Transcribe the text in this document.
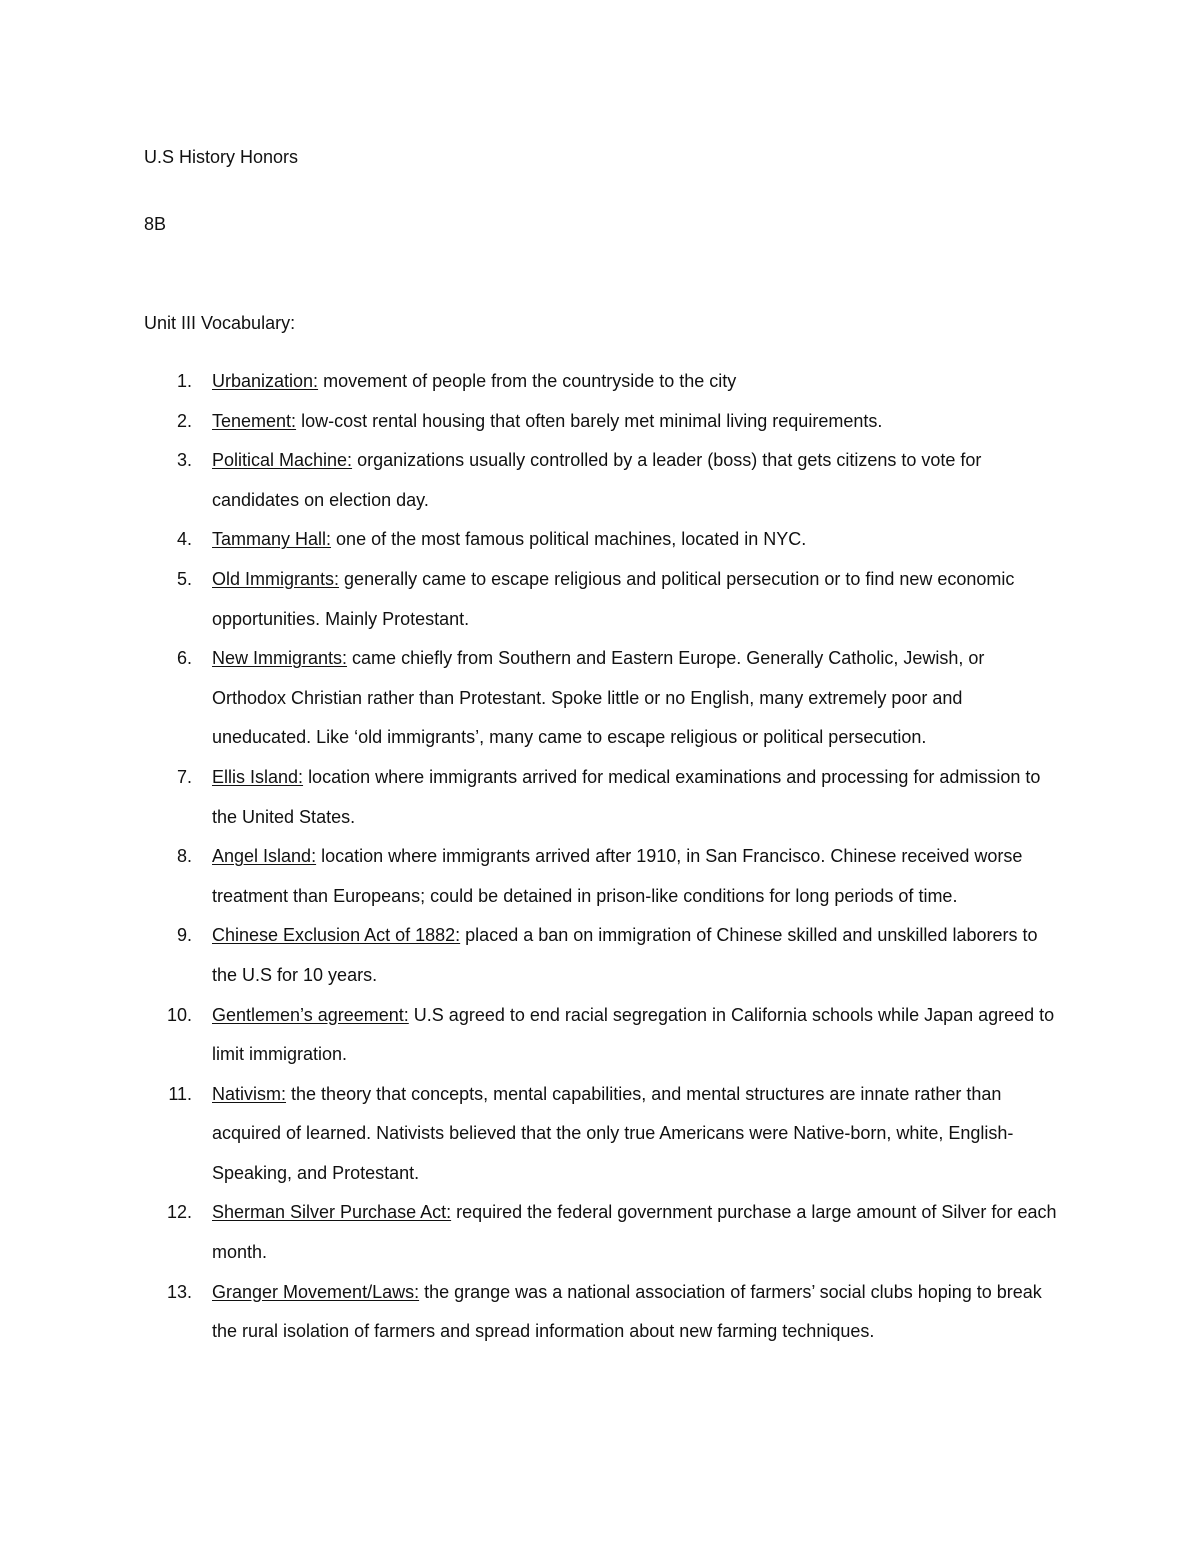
U.S History Honors

8B

Unit III Vocabulary:

1. Urbanization: movement of people from the countryside to the city
2. Tenement: low-cost rental housing that often barely met minimal living requirements.
3. Political Machine: organizations usually controlled by a leader (boss) that gets citizens to vote for candidates on election day.
4. Tammany Hall: one of the most famous political machines, located in NYC.
5. Old Immigrants: generally came to escape religious and political persecution or to find new economic opportunities. Mainly Protestant.
6. New Immigrants: came chiefly from Southern and Eastern Europe. Generally Catholic, Jewish, or Orthodox Christian rather than Protestant. Spoke little or no English, many extremely poor and uneducated. Like ‘old immigrants’, many came to escape religious or political persecution.
7. Ellis Island: location where immigrants arrived for medical examinations and processing for admission to the United States.
8. Angel Island: location where immigrants arrived after 1910, in San Francisco. Chinese received worse treatment than Europeans; could be detained in prison-like conditions for long periods of time.
9. Chinese Exclusion Act of 1882: placed a ban on immigration of Chinese skilled and unskilled laborers to the U.S for 10 years.
10. Gentlemen’s agreement: U.S agreed to end racial segregation in California schools while Japan agreed to limit immigration.
11. Nativism: the theory that concepts, mental capabilities, and mental structures are innate rather than acquired of learned. Nativists believed that the only true Americans were Native-born, white, English-Speaking, and Protestant.
12. Sherman Silver Purchase Act: required the federal government purchase a large amount of Silver for each month.
13. Granger Movement/Laws: the grange was a national association of farmers’ social clubs hoping to break the rural isolation of farmers and spread information about new farming techniques.
